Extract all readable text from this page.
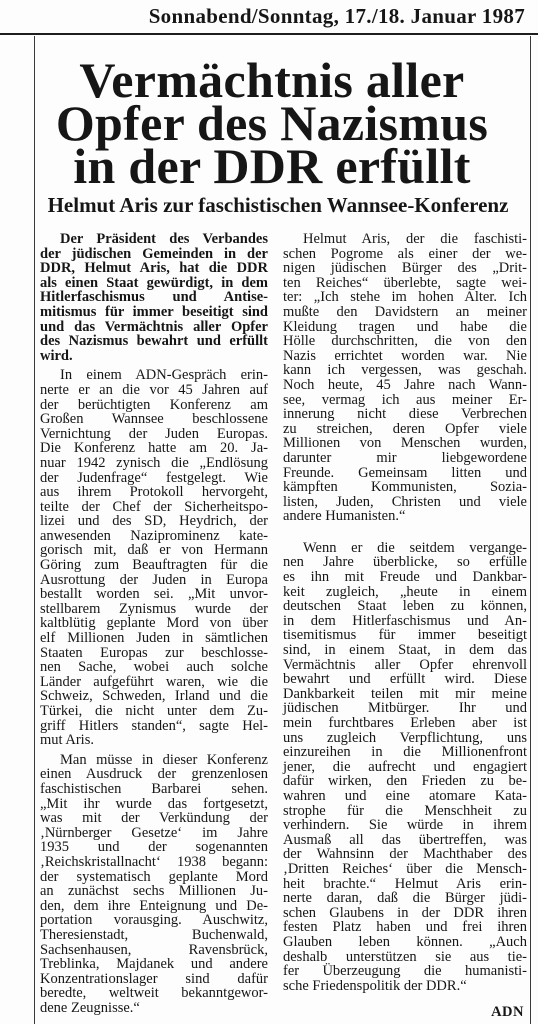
Sonnabend/Sonntag, 17./18. Januar 1987
Vermächtnis aller
Opfer des Nazismus
in der DDR erfüllt
Helmut Aris zur faschistischen Wannsee-Konferenz
Der Präsident des Verbandes
der jüdischen Gemeinden in der
DDR, Helmut Aris, hat die DDR
als einen Staat gewürdigt, in dem
Hitlerfaschismus und Antise-
mitismus für immer beseitigt sind
und das Vermächtnis aller Opfer
des Nazismus bewahrt und erfüllt
wird.
In einem ADN-Gespräch erin-
nerte er an die vor 45 Jahren auf
der berüchtigten Konferenz am
Großen Wannsee beschlossene
Vernichtung der Juden Europas.
Die Konferenz hatte am 20. Ja-
nuar 1942 zynisch die „Endlösung
der Judenfrage“ festgelegt. Wie
aus ihrem Protokoll hervorgeht,
teilte der Chef der Sicherheitspo-
lizei und des SD, Heydrich, der
anwesenden Naziprominenz kate-
gorisch mit, daß er von Hermann
Göring zum Beauftragten für die
Ausrottung der Juden in Europa
bestallt worden sei. „Mit unvor-
stellbarem Zynismus wurde der
kaltblütig geplante Mord von über
elf Millionen Juden in sämtlichen
Staaten Europas zur beschlosse-
nen Sache, wobei auch solche
Länder aufgeführt waren, wie die
Schweiz, Schweden, Irland und die
Türkei, die nicht unter dem Zu-
griff Hitlers standen“, sagte Hel-
mut Aris.
Man müsse in dieser Konferenz
einen Ausdruck der grenzenlosen
faschistischen Barbarei sehen.
„Mit ihr wurde das fortgesetzt,
was mit der Verkündung der
‚Nürnberger Gesetze‘ im Jahre
1935 und der sogenannten
‚Reichskristallnacht‘ 1938 begann:
der systematisch geplante Mord
an zunächst sechs Millionen Ju-
den, dem ihre Enteignung und De-
portation vorausging. Auschwitz,
Theresienstadt, Buchenwald,
Sachsenhausen, Ravensbrück,
Treblinka, Majdanek und andere
Konzentrationslager sind dafür
beredte, weltweit bekanntgewor-
dene Zeugnisse.“
Helmut Aris, der die faschisti-
schen Pogrome als einer der we-
nigen jüdischen Bürger des „Drit-
ten Reiches“ überlebte, sagte wei-
ter: „Ich stehe im hohen Alter. Ich
mußte den Davidstern an meiner
Kleidung tragen und habe die
Hölle durchschritten, die von den
Nazis errichtet worden war. Nie
kann ich vergessen, was geschah.
Noch heute, 45 Jahre nach Wann-
see, vermag ich aus meiner Er-
innerung nicht diese Verbrechen
zu streichen, deren Opfer viele
Millionen von Menschen wurden,
darunter mir liebgewordene
Freunde. Gemeinsam litten und
kämpften Kommunisten, Sozia-
listen, Juden, Christen und viele
andere Humanisten.“
Wenn er die seitdem vergange-
nen Jahre überblicke, so erfülle
es ihn mit Freude und Dankbar-
keit zugleich, „heute in einem
deutschen Staat leben zu können,
in dem Hitlerfaschismus und An-
tisemitismus für immer beseitigt
sind, in einem Staat, in dem das
Vermächtnis aller Opfer ehrenvoll
bewahrt und erfüllt wird. Diese
Dankbarkeit teilen mit mir meine
jüdischen Mitbürger. Ihr und
mein furchtbares Erleben aber ist
uns zugleich Verpflichtung, uns
einzureihen in die Millionenfront
jener, die aufrecht und engagiert
dafür wirken, den Frieden zu be-
wahren und eine atomare Kata-
strophe für die Menschheit zu
verhindern. Sie würde in ihrem
Ausmaß all das übertreffen, was
der Wahnsinn der Machthaber des
‚Dritten Reiches‘ über die Mensch-
heit brachte.“ Helmut Aris erin-
nerte daran, daß die Bürger jüdi-
schen Glaubens in der DDR ihren
festen Platz haben und frei ihren
Glauben leben können. „Auch
deshalb unterstützen sie aus tie-
fer Überzeugung die humanisti-
sche Friedenspolitik der DDR.“
ADN
